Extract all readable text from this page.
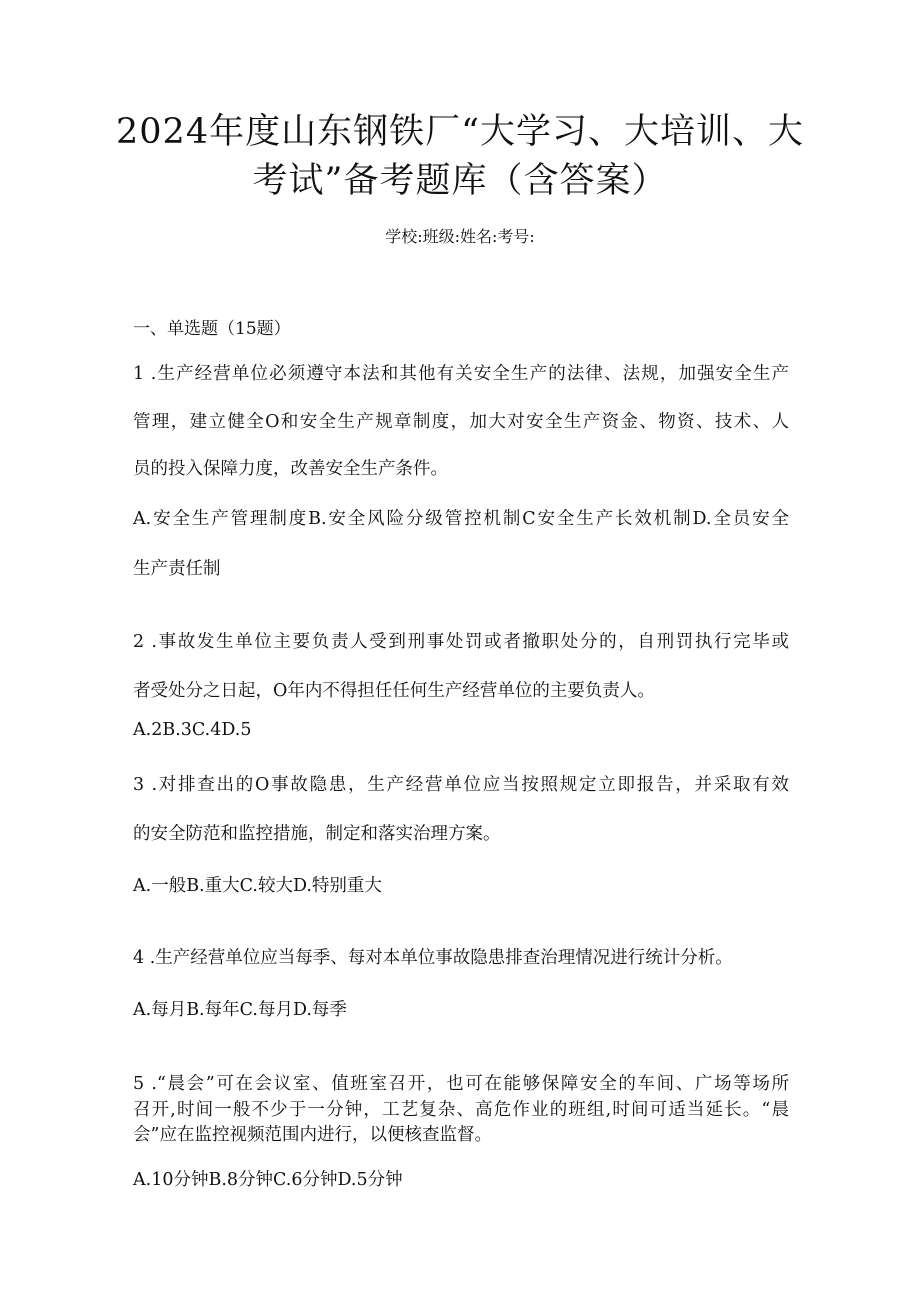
2024年度山东钢铁厂“大学习、大培训、大
考试”备考题库（含答案）
学校:班级:姓名:考号:
一、单选题（15题）
1 .生产经营单位必须遵守本法和其他有关安全生产的法律、法规，加强安全生产
管理，建立健全O和安全生产规章制度，加大对安全生产资金、物资、技术、人
员的投入保障力度，改善安全生产条件。
A.安全生产管理制度B.安全风险分级管控机制C安全生产长效机制D.全员安全
生产责任制
2 .事故发生单位主要负责人受到刑事处罚或者撤职处分的，自刑罚执行完毕或
者受处分之日起，O年内不得担任任何生产经营单位的主要负责人。
A.2B.3C.4D.5
3 .对排查出的O事故隐患，生产经营单位应当按照规定立即报告，并采取有效
的安全防范和监控措施，制定和落实治理方案。
A.一般B.重大C.较大D.特别重大
4 .生产经营单位应当每季、每对本单位事故隐患排查治理情况进行统计分析。
A.每月B.每年C.每月D.每季
5 .“晨会”可在会议室、值班室召开，也可在能够保障安全的车间、广场等场所
召开,时间一般不少于一分钟，工艺复杂、高危作业的班组,时间可适当延长。“晨
会”应在监控视频范围内进行，以便核查监督。
A.10分钟B.8分钟C.6分钟D.5分钟
